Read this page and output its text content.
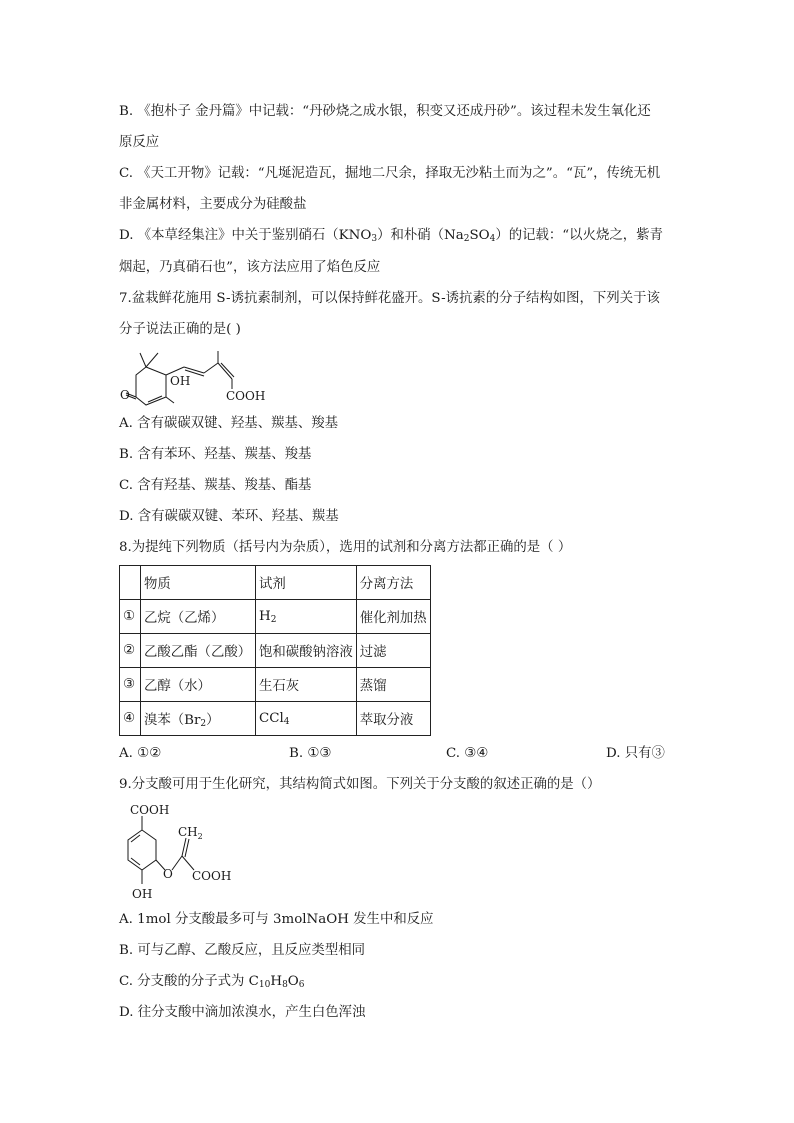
B. 《抱朴子 金丹篇》中记载：“丹砂烧之成水银，积变又还成丹砂”。该过程未发生氧化还
原反应
C. 《天工开物》记载：“凡埏泥造瓦，掘地二尺余，择取无沙粘土而为之”。“瓦”，传统无机
非金属材料，主要成分为硅酸盐
D. 《本草经集注》中关于鉴别硝石$(KNO_3)$和朴硝$(Na_2SO_4)$的记载：“以火烧之，紫青
烟起，乃真硝石也”，该方法应用了焰色反应
7.盆栽鲜花施用 S-诱抗素制剂，可以保持鲜花盛开。S-诱抗素的分子结构如图，下列关于该
分子说法正确的是( )
O
OH
COOH
A. 含有碳碳双键、羟基、羰基、羧基
B. 含有苯环、羟基、羰基、羧基
C. 含有羟基、羰基、羧基、酯基
D. 含有碳碳双键、苯环、羟基、羰基
8.为提纯下列物质（括号内为杂质），选用的试剂和分离方法都正确的是（ ）
	物质	试剂	分离方法
①	乙烷（乙烯）	$H_2$	催化剂加热
②	乙酸乙酯（乙酸）	饱和碳酸钠溶液	过滤
③	乙醇（水）	生石灰	蒸馏
④	溴苯$(Br_2)$	CCl$_4$	萃取分液
A. ①②	B. ①③	C. ③④	D. 只有③
9.分支酸可用于生化研究，其结构简式如图。下列关于分支酸的叙述正确的是（）
COOH
$CH_2$
O COOH
OH
A. 1mol 分支酸最多可与 3molNaOH 发生中和反应
B. 可与乙醇、乙酸反应，且反应类型相同
C. 分支酸的分子式为 $C_{10}H_8O_6$
D. 往分支酸中滴加浓溴水，产生白色浑浊
